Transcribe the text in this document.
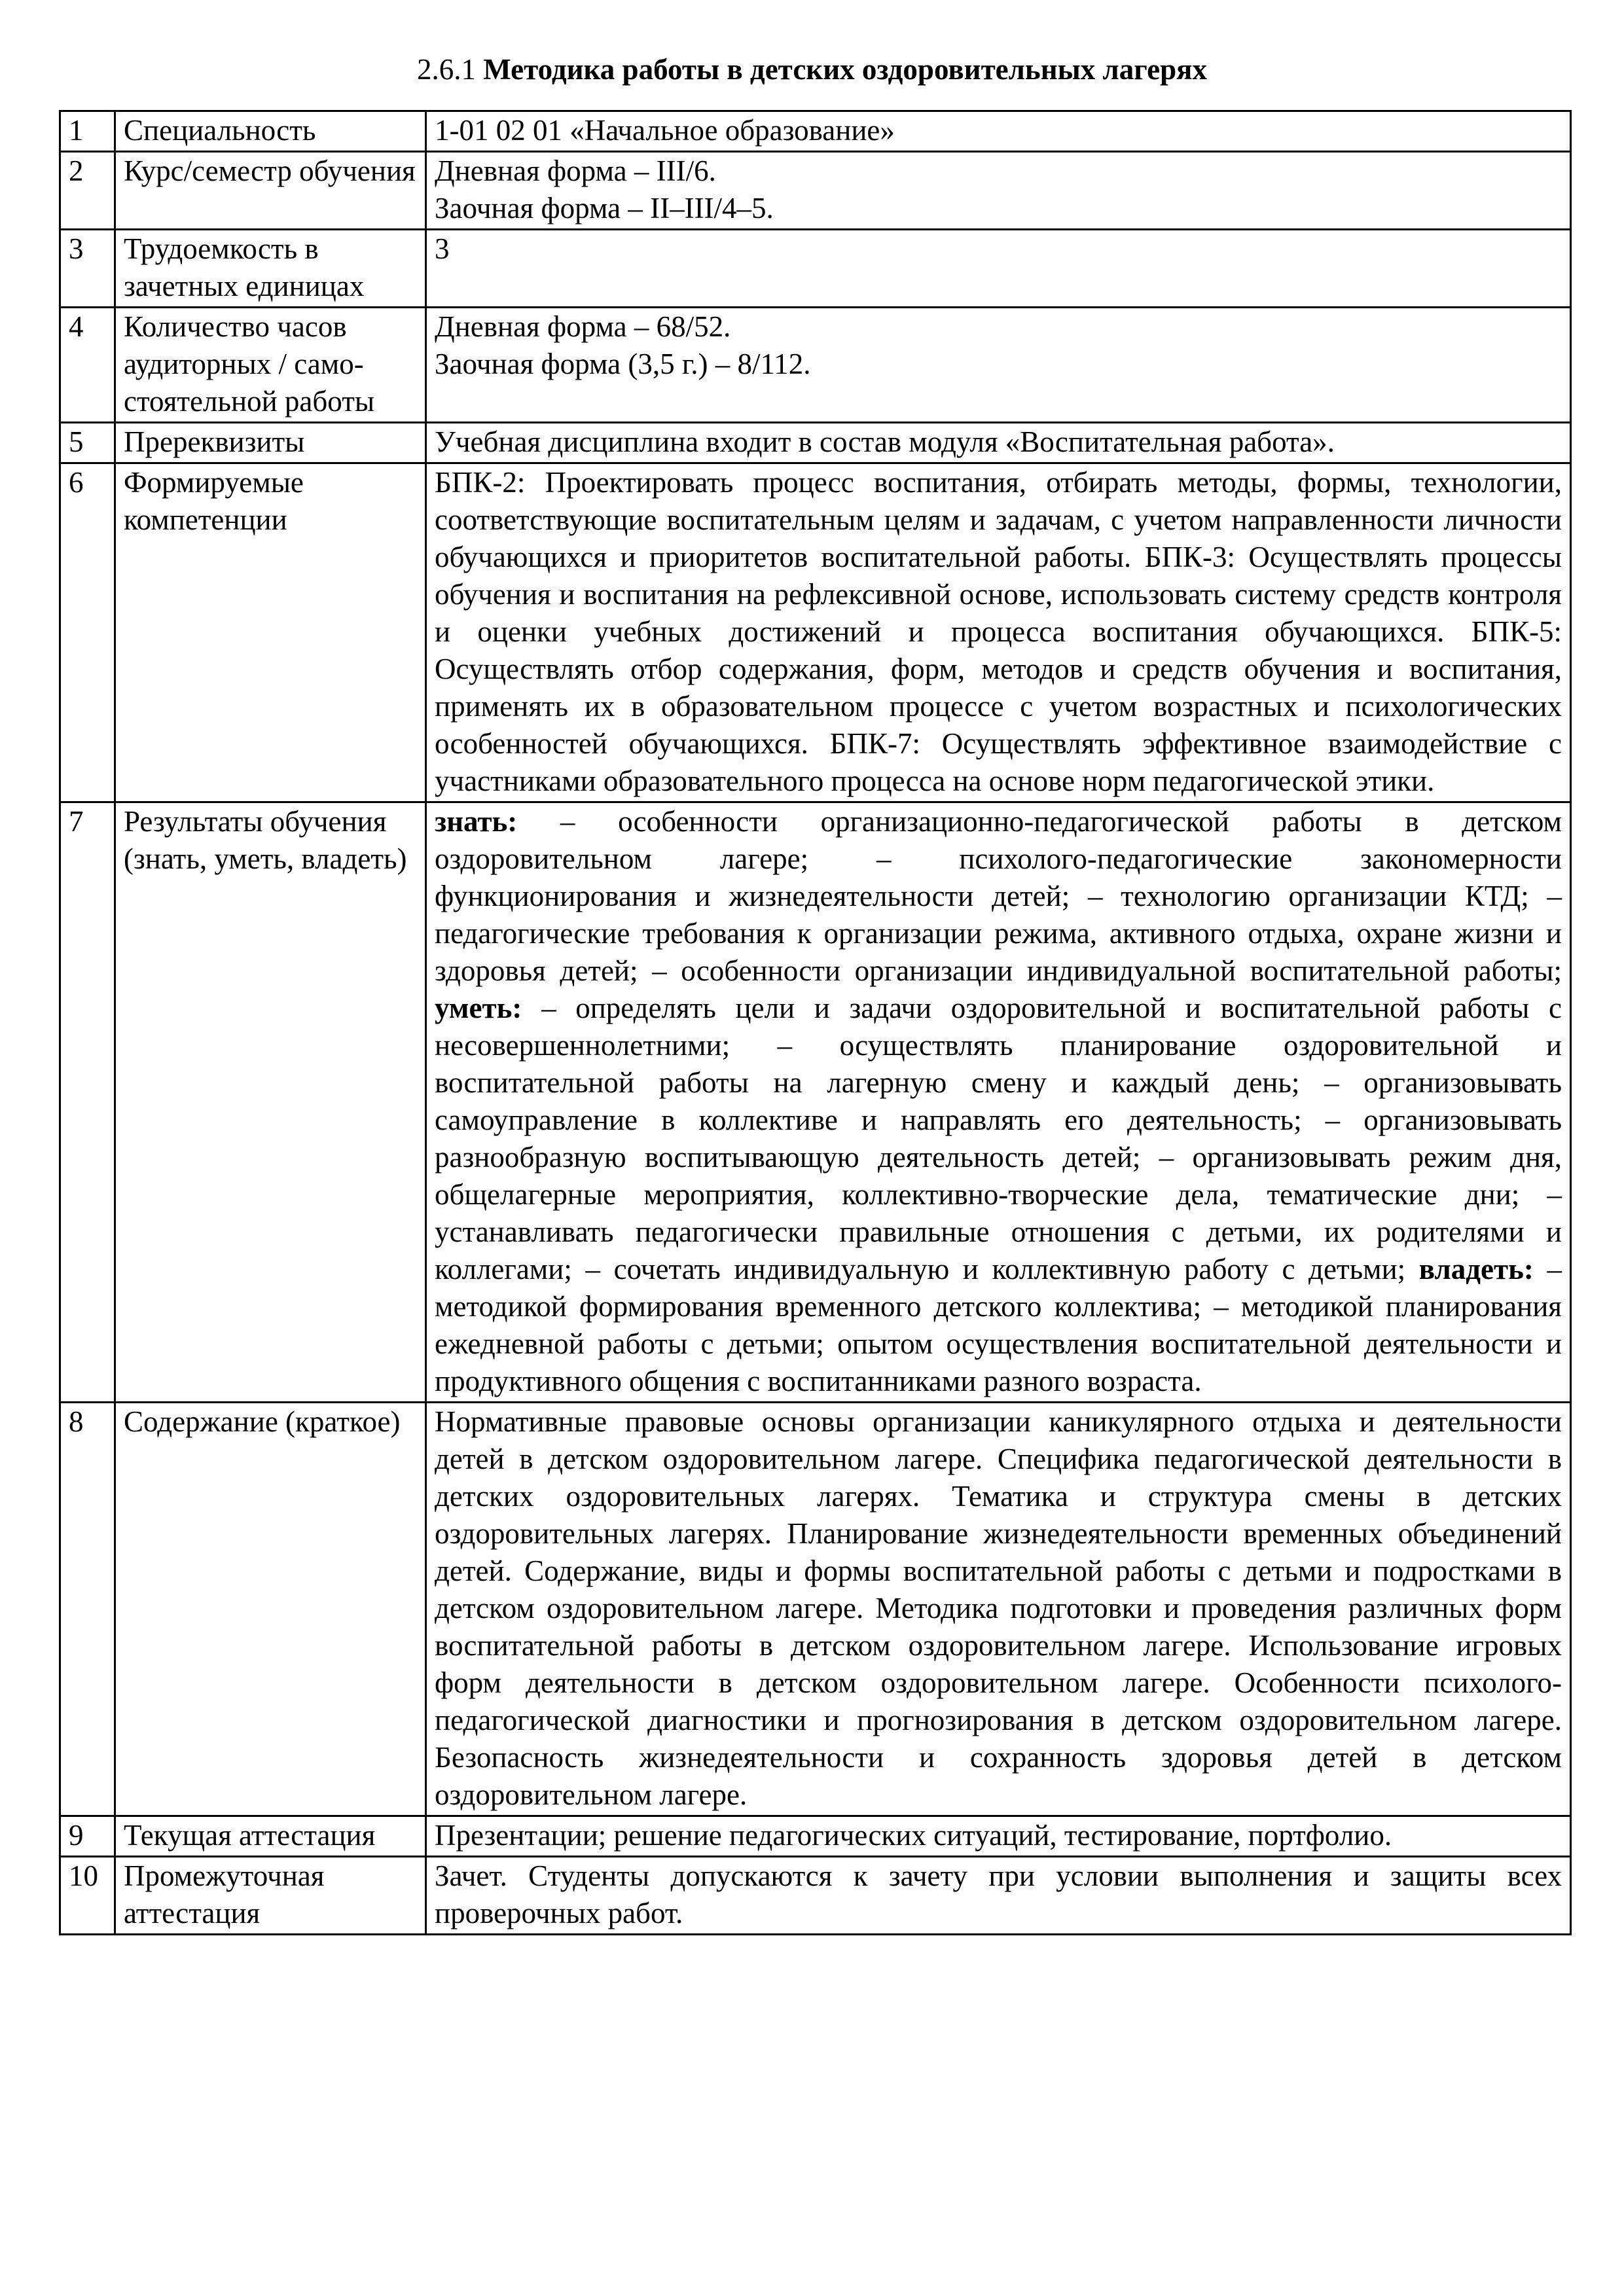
2.6.1 Методика работы в детских оздоровительных лагерях
1	Специальность	1-01 02 01 «Начальное образование»
2	Курс/семестр обучения	Дневная форма – III/6.
Заочная форма – II–III/4–5.

3	Трудоемкость в зачетных единицах	3
4	Количество часов аудиторных / само-стоятельной работы	Дневная форма – 68/52.
Заочная форма (3,5 г.) – 8/112.

5	Пререквизиты	Учебная дисциплина входит в состав модуля «Воспитательная работа».
6	Формируемые компетенции	БПК-2: Проектировать процесс воспитания, отбирать методы, формы, технологии, соответствующие воспитательным целям и задачам, с учетом направленности личности обучающихся и приоритетов воспитательной работы. БПК-3: Осуществлять процессы обучения и воспитания на рефлексивной основе, использовать систему средств контроля и оценки учебных достижений и процесса воспитания обучающихся. БПК-5: Осуществлять отбор содержания, форм, методов и средств обучения и воспитания, применять их в образовательном процессе с учетом возрастных и психологических особенностей обучающихся. БПК-7: Осуществлять эффективное взаимодействие с участниками образовательного процесса на основе норм педагогической этики.
7	Результаты обучения (знать, уметь, владеть)	знать: – особенности организационно-педагогической работы в детском оздоровительном лагере; – психолого-педагогические закономерности функционирования и жизнедеятельности детей; – технологию организации КТД; – педагогические требования к организации режима, активного отдыха, охране жизни и здоровья детей; – особенности организации индивидуальной воспитательной работы; уметь: – определять цели и задачи оздоровительной и воспитательной работы с несовершеннолетними; – осуществлять планирование оздоровительной и воспитательной работы на лагерную смену и каждый день; – организовывать самоуправление в коллективе и направлять его деятельность; – организовывать разнообразную воспитывающую деятельность детей; – организовывать режим дня, общелагерные мероприятия, коллективно-творческие дела, тематические дни; – устанавливать педагогически правильные отношения с детьми, их родителями и коллегами; – сочетать индивидуальную и коллективную работу с детьми; владеть: – методикой формирования временного детского коллектива; – методикой планирования ежедневной работы с детьми; опытом осуществления воспитательной деятельности и продуктивного общения с воспитанниками разного возраста.
8	Содержание (краткое)	Нормативные правовые основы организации каникулярного отдыха и деятельности детей в детском оздоровительном лагере. Специфика педагогической деятельности в детских оздоровительных лагерях. Тематика и структура смены в детских оздоровительных лагерях. Планирование жизнедеятельности временных объединений детей. Содержание, виды и формы воспитательной работы с детьми и подростками в детском оздоровительном лагере. Методика подготовки и проведения различных форм воспитательной работы в детском оздоровительном лагере. Использование игровых форм деятельности в детском оздоровительном лагере. Особенности психолого-педагогической диагностики и прогнозирования в детском оздоровительном лагере. Безопасность жизнедеятельности и сохранность здоровья детей в детском оздоровительном лагере.
9	Текущая аттестация	Презентации; решение педагогических ситуаций, тестирование, портфолио.
10	Промежуточная аттестация	Зачет. Студенты допускаются к зачету при условии выполнения и защиты всех проверочных работ.
